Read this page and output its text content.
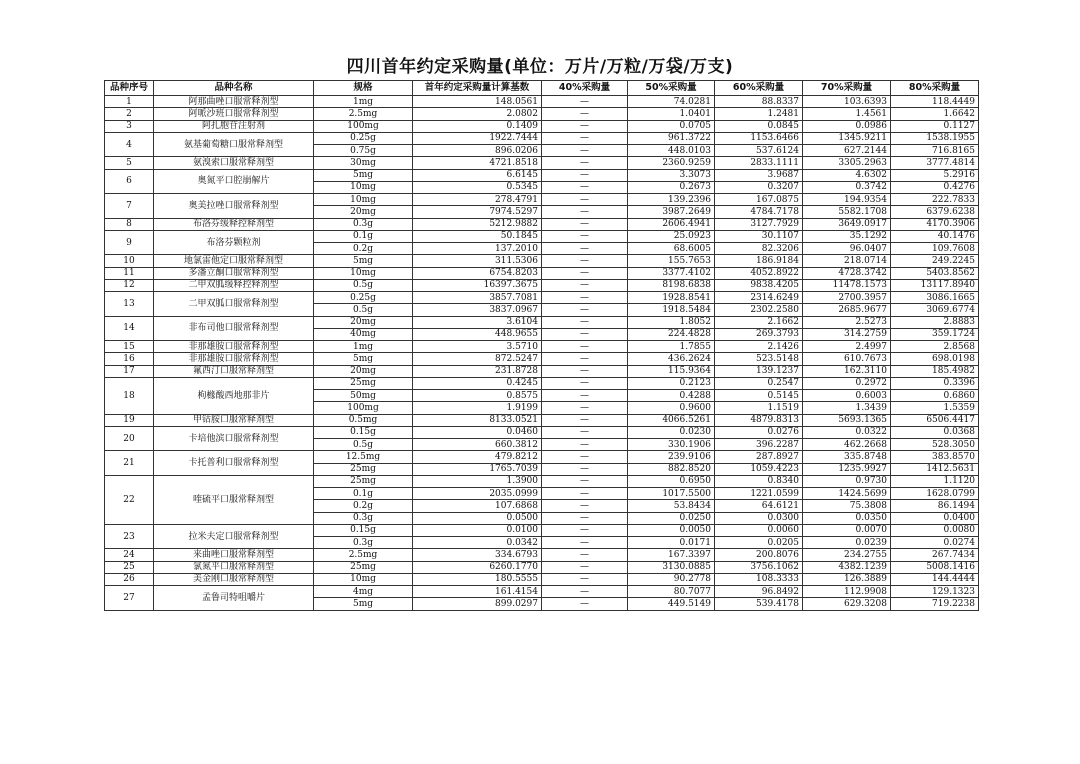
四川首年约定采购量(单位：万片/万粒/万袋/万支)
品种序号	品种名称	规格	首年约定采购量计算基数	40%采购量	50%采购量	60%采购量	70%采购量	80%采购量
1	阿那曲唑口服常释剂型	1mg	148.0561	—	74.0281	88.8337	103.6393	118.4449
2	阿哌沙班口服常释剂型	2.5mg	2.0802	—	1.0401	1.2481	1.4561	1.6642
3	阿扎胞苷注射剂	100mg	0.1409	—	0.0705	0.0845	0.0986	0.1127
4	氨基葡萄糖口服常释剂型	0.25g	1922.7444	—	961.3722	1153.6466	1345.9211	1538.1955
		0.75g	896.0206	—	448.0103	537.6124	627.2144	716.8165
5	氨溴索口服常释剂型	30mg	4721.8518	—	2360.9259	2833.1111	3305.2963	3777.4814
6	奥氮平口腔崩解片	5mg	6.6145	—	3.3073	3.9687	4.6302	5.2916
		10mg	0.5345	—	0.2673	0.3207	0.3742	0.4276
7	奥美拉唑口服常释剂型	10mg	278.4791	—	139.2396	167.0875	194.9354	222.7833
		20mg	7974.5297	—	3987.2649	4784.7178	5582.1708	6379.6238
8	布洛芬缓释控释剂型	0.3g	5212.9882	—	2606.4941	3127.7929	3649.0917	4170.3906
9	布洛芬颗粒剂	0.1g	50.1845	—	25.0923	30.1107	35.1292	40.1476
		0.2g	137.2010	—	68.6005	82.3206	96.0407	109.7608
10	地氯雷他定口服常释剂型	5mg	311.5306	—	155.7653	186.9184	218.0714	249.2245
11	多潘立酮口服常释剂型	10mg	6754.8203	—	3377.4102	4052.8922	4728.3742	5403.8562
12	二甲双胍缓释控释剂型	0.5g	16397.3675	—	8198.6838	9838.4205	11478.1573	13117.8940
13	二甲双胍口服常释剂型	0.25g	3857.7081	—	1928.8541	2314.6249	2700.3957	3086.1665
		0.5g	3837.0967	—	1918.5484	2302.2580	2685.9677	3069.6774
14	非布司他口服常释剂型	20mg	3.6104	—	1.8052	2.1662	2.5273	2.8883
		40mg	448.9655	—	224.4828	269.3793	314.2759	359.1724
15	非那雄胺口服常释剂型	1mg	3.5710	—	1.7855	2.1426	2.4997	2.8568
16	非那雄胺口服常释剂型	5mg	872.5247	—	436.2624	523.5148	610.7673	698.0198
17	氟西汀口服常释剂型	20mg	231.8728	—	115.9364	139.1237	162.3110	185.4982
18	枸橼酸西地那非片	25mg	0.4245	—	0.2123	0.2547	0.2972	0.3396
		50mg	0.8575	—	0.4288	0.5145	0.6003	0.6860
		100mg	1.9199	—	0.9600	1.1519	1.3439	1.5359
19	甲钴胺口服常释剂型	0.5mg	8133.0521	—	4066.5261	4879.8313	5693.1365	6506.4417
20	卡培他滨口服常释剂型	0.15g	0.0460	—	0.0230	0.0276	0.0322	0.0368
		0.5g	660.3812	—	330.1906	396.2287	462.2668	528.3050
21	卡托普利口服常释剂型	12.5mg	479.8212	—	239.9106	287.8927	335.8748	383.8570
		25mg	1765.7039	—	882.8520	1059.4223	1235.9927	1412.5631
22	喹硫平口服常释剂型	25mg	1.3900	—	0.6950	0.8340	0.9730	1.1120
		0.1g	2035.0999	—	1017.5500	1221.0599	1424.5699	1628.0799
		0.2g	107.6868	—	53.8434	64.6121	75.3808	86.1494
		0.3g	0.0500	—	0.0250	0.0300	0.0350	0.0400
23	拉米夫定口服常释剂型	0.15g	0.0100	—	0.0050	0.0060	0.0070	0.0080
		0.3g	0.0342	—	0.0171	0.0205	0.0239	0.0274
24	来曲唑口服常释剂型	2.5mg	334.6793	—	167.3397	200.8076	234.2755	267.7434
25	氯氮平口服常释剂型	25mg	6260.1770	—	3130.0885	3756.1062	4382.1239	5008.1416
26	美金刚口服常释剂型	10mg	180.5555	—	90.2778	108.3333	126.3889	144.4444
27	孟鲁司特咀嚼片	4mg	161.4154	—	80.7077	96.8492	112.9908	129.1323
		5mg	899.0297	—	449.5149	539.4178	629.3208	719.2238
